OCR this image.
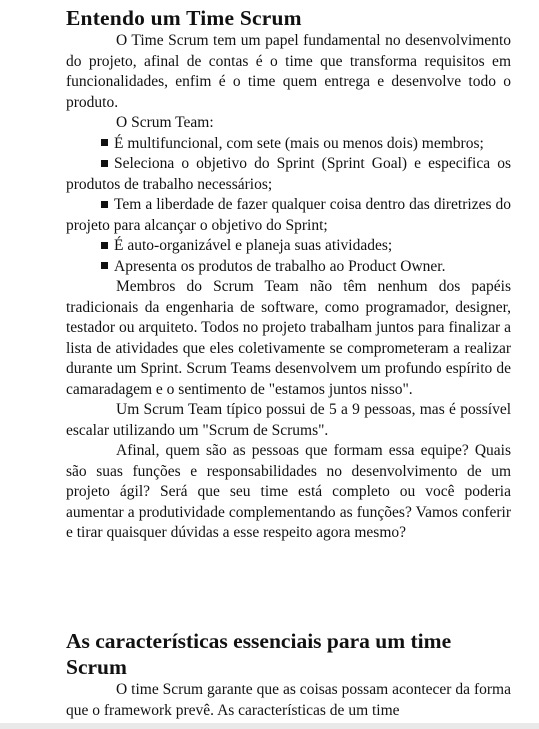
Entendo um Time Scrum

O Time Scrum tem um papel fundamental no desenvolvimento do projeto, afinal de contas é o time que transforma requisitos em funcionalidades, enfim é o time quem entrega e desenvolve todo o produto.

O Scrum Team:

É multifuncional, com sete (mais ou menos dois) membros;

Seleciona o objetivo do Sprint (Sprint Goal) e especifica os produtos de trabalho necessários;

Tem a liberdade de fazer qualquer coisa dentro das diretrizes do projeto para alcançar o objetivo do Sprint;

É auto-organizável e planeja suas atividades;

Apresenta os produtos de trabalho ao Product Owner.

Membros do Scrum Team não têm nenhum dos papéis tradicionais da engenharia de software, como programador, designer, testador ou arquiteto. Todos no projeto trabalham juntos para finalizar a lista de atividades que eles coletivamente se comprometeram a realizar durante um Sprint. Scrum Teams desenvolvem um profundo espírito de camaradagem e o sentimento de "estamos juntos nisso".

Um Scrum Team típico possui de 5 a 9 pessoas, mas é possível escalar utilizando um "Scrum de Scrums".

Afinal, quem são as pessoas que formam essa equipe? Quais são suas funções e responsabilidades no desenvolvimento de um projeto ágil? Será que seu time está completo ou você poderia aumentar a produtividade complementando as funções? Vamos conferir e tirar quaisquer dúvidas a esse respeito agora mesmo?

As características essenciais para um time
Scrum

O time Scrum garante que as coisas possam acontecer da forma que o framework prevê. As características de um time
